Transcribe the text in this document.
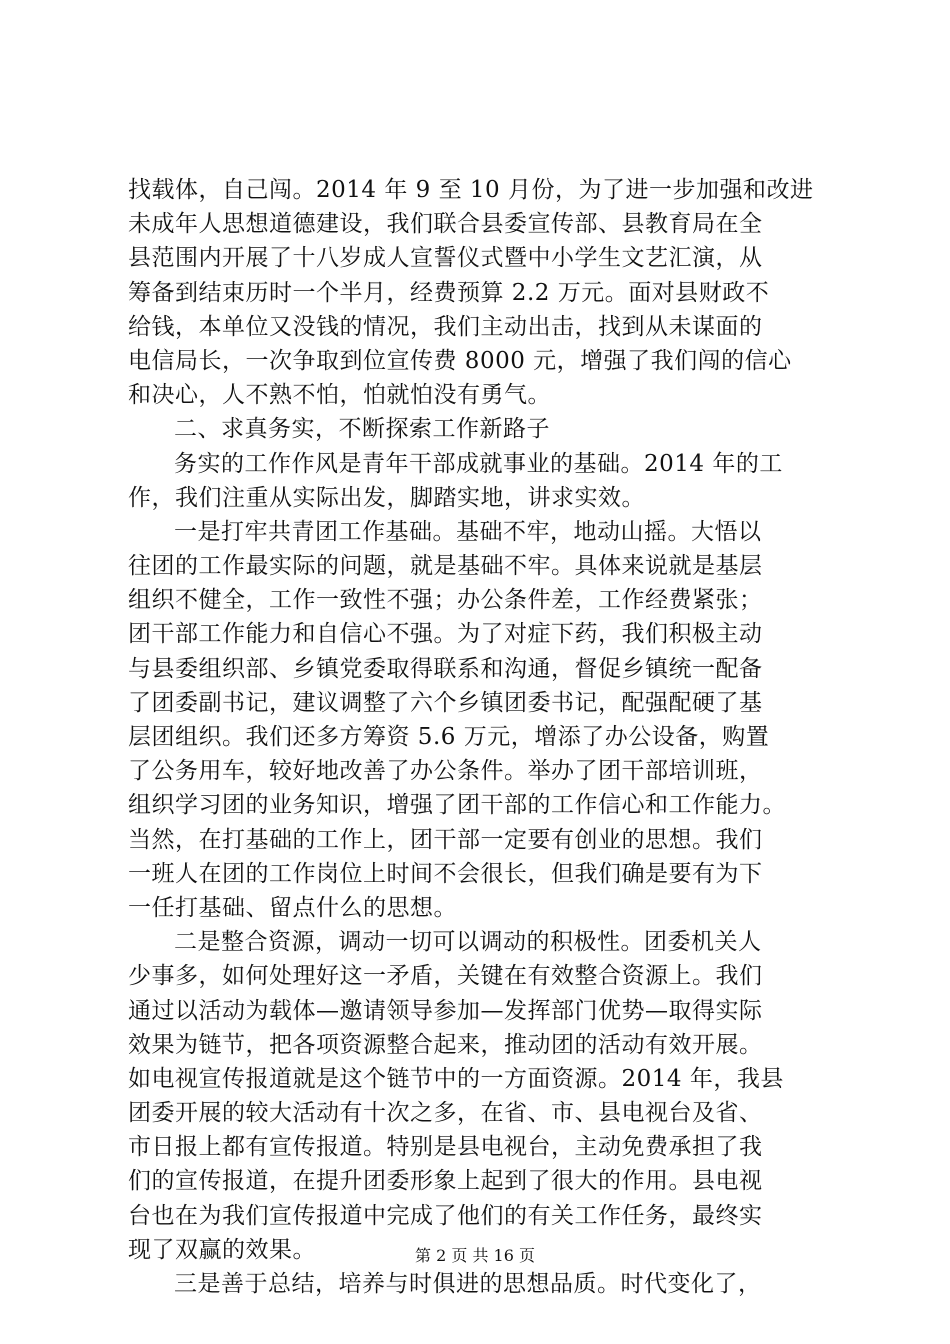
找载体，自己闯。2014 年 9 至 10 月份，为了进一步加强和改进
未成年人思想道德建设，我们联合县委宣传部、县教育局在全
县范围内开展了十八岁成人宣誓仪式暨中小学生文艺汇演，从
筹备到结束历时一个半月，经费预算 2.2 万元。面对县财政不
给钱，本单位又没钱的情况，我们主动出击，找到从未谋面的
电信局长，一次争取到位宣传费 8000 元，增强了我们闯的信心
和决心，人不熟不怕，怕就怕没有勇气。
二、求真务实，不断探索工作新路子
务实的工作作风是青年干部成就事业的基础。2014 年的工
作，我们注重从实际出发，脚踏实地，讲求实效。
一是打牢共青团工作基础。基础不牢，地动山摇。大悟以
往团的工作最实际的问题，就是基础不牢。具体来说就是基层
组织不健全，工作一致性不强；办公条件差，工作经费紧张；
团干部工作能力和自信心不强。为了对症下药，我们积极主动
与县委组织部、乡镇党委取得联系和沟通，督促乡镇统一配备
了团委副书记，建议调整了六个乡镇团委书记，配强配硬了基
层团组织。我们还多方筹资 5.6 万元，增添了办公设备，购置
了公务用车，较好地改善了办公条件。举办了团干部培训班，
组织学习团的业务知识，增强了团干部的工作信心和工作能力。
当然，在打基础的工作上，团干部一定要有创业的思想。我们
一班人在团的工作岗位上时间不会很长，但我们确是要有为下
一任打基础、留点什么的思想。
二是整合资源，调动一切可以调动的积极性。团委机关人
少事多，如何处理好这一矛盾，关键在有效整合资源上。我们
通过以活动为载体—邀请领导参加—发挥部门优势—取得实际
效果为链节，把各项资源整合起来，推动团的活动有效开展。
如电视宣传报道就是这个链节中的一方面资源。2014 年，我县
团委开展的较大活动有十次之多，在省、市、县电视台及省、
市日报上都有宣传报道。特别是县电视台，主动免费承担了我
们的宣传报道，在提升团委形象上起到了很大的作用。县电视
台也在为我们宣传报道中完成了他们的有关工作任务，最终实
现了双赢的效果。
三是善于总结，培养与时俱进的思想品质。时代变化了，
第 2 页 共 16 页
